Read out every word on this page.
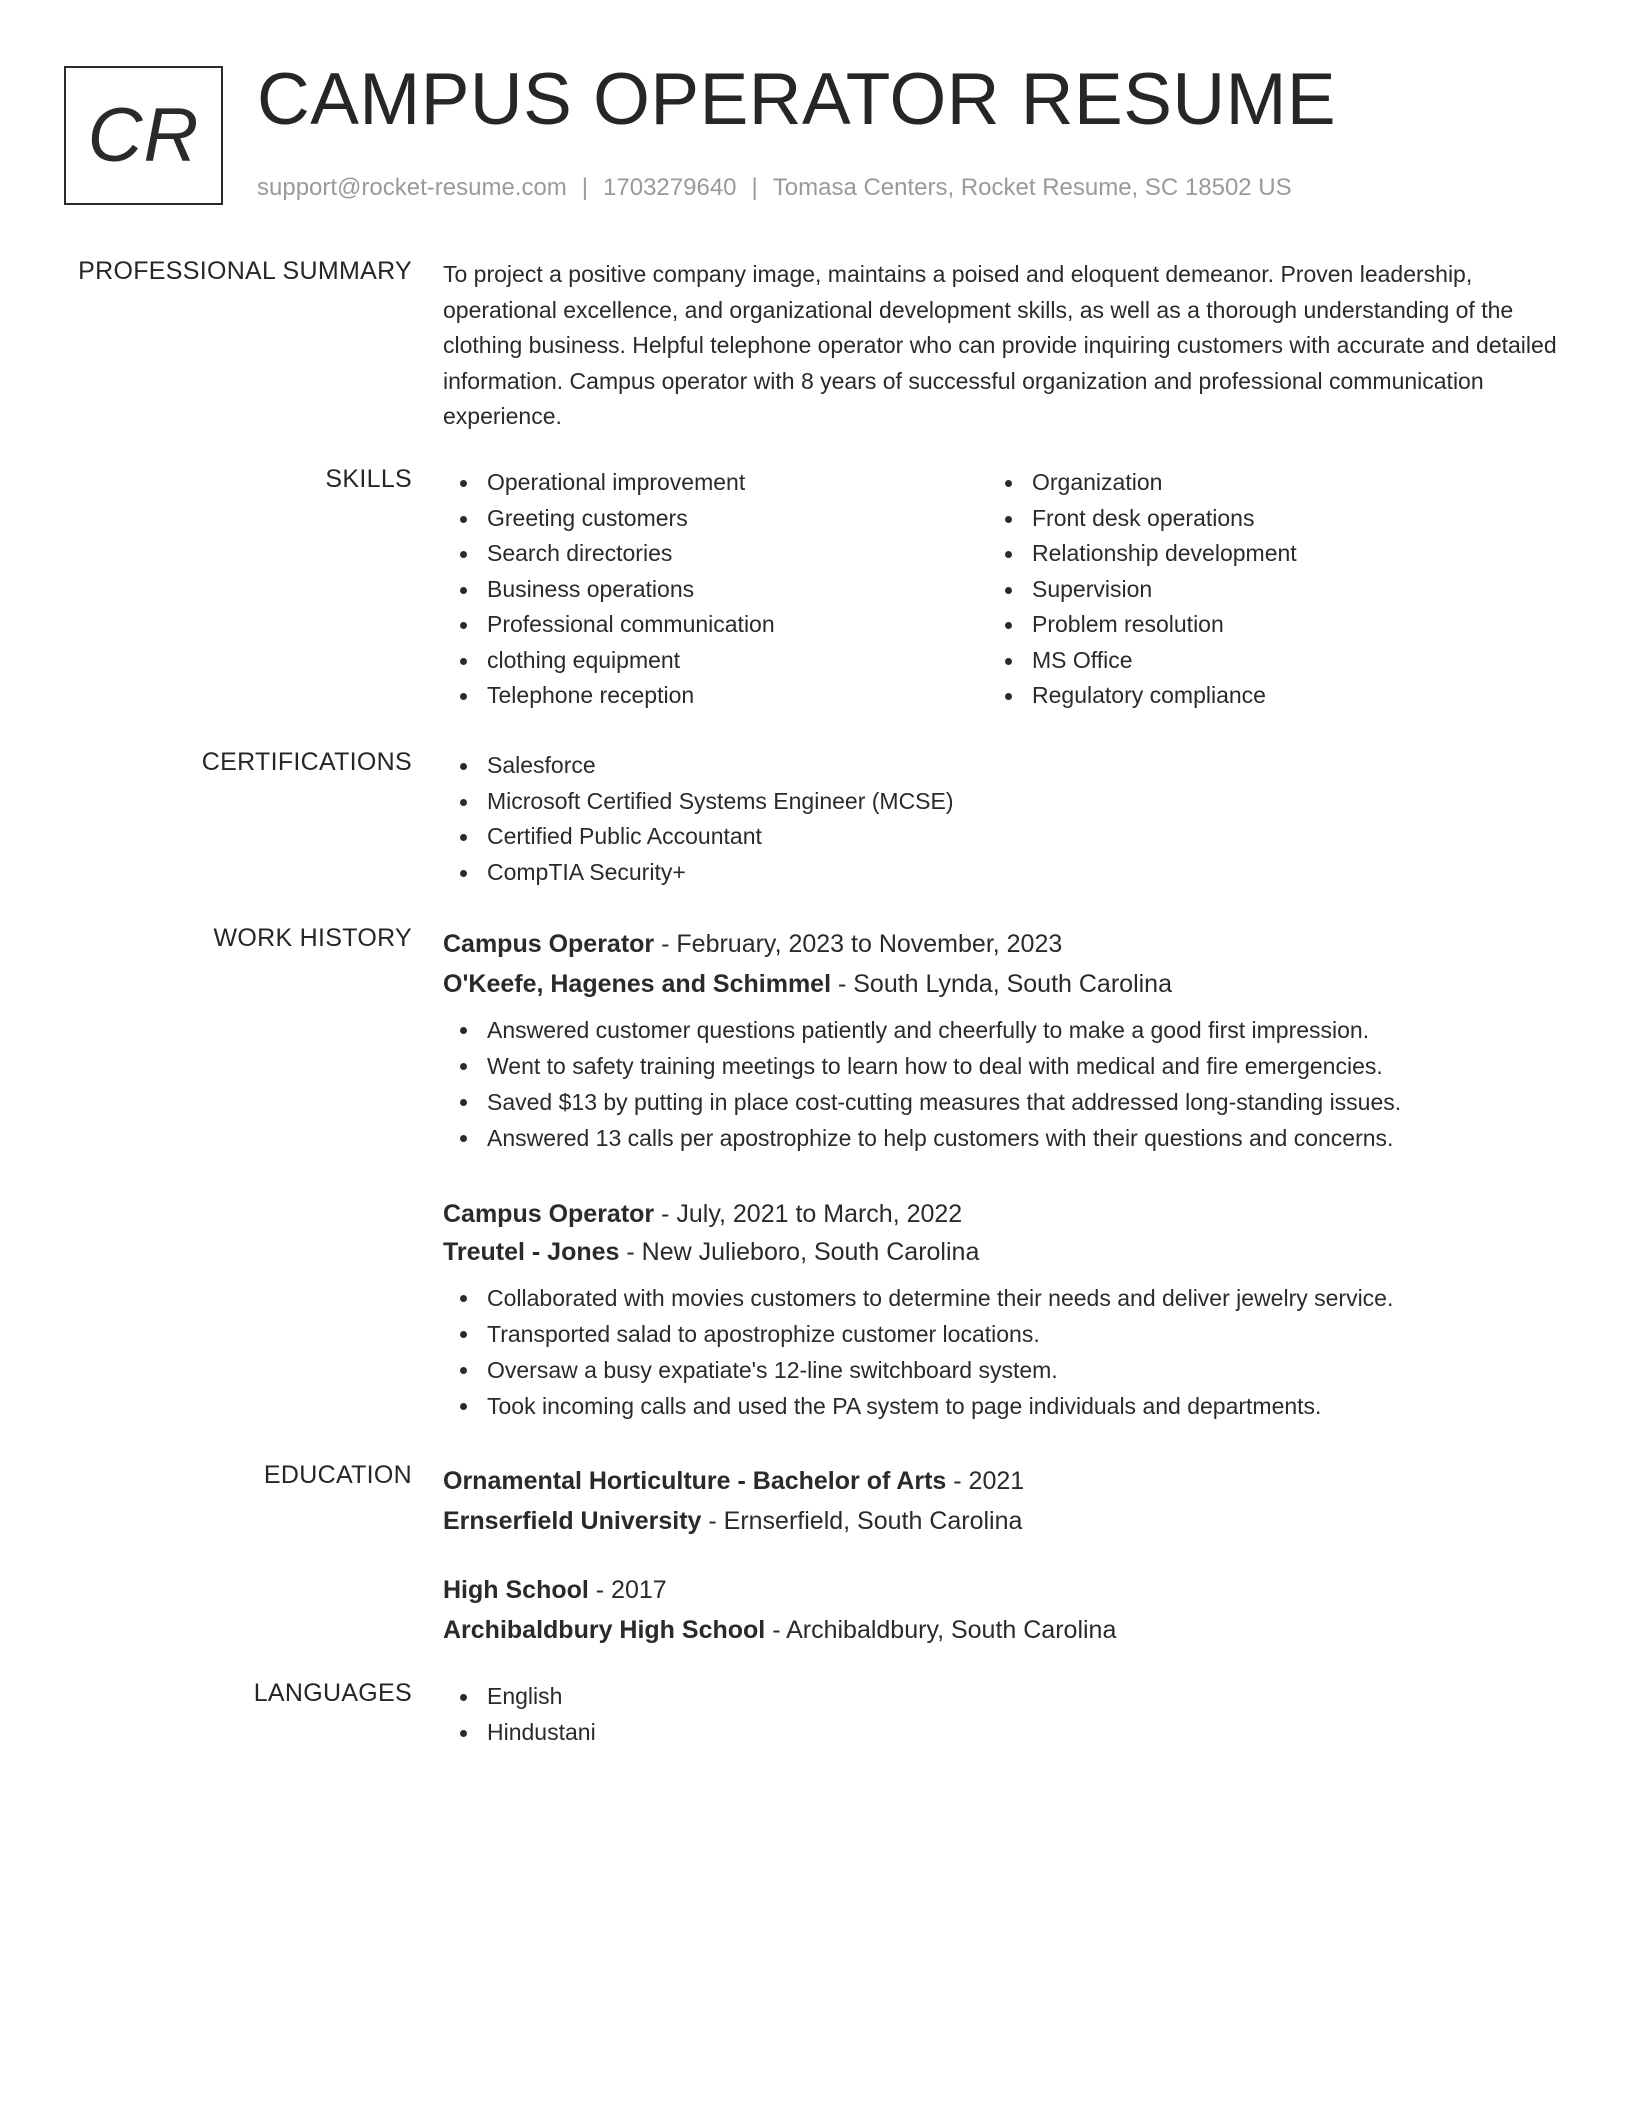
CR CAMPUS OPERATOR RESUME
support@rocket-resume.com | 1703279640 | Tomasa Centers, Rocket Resume, SC 18502 US
PROFESSIONAL SUMMARY To project a positive company image, maintains a poised and eloquent demeanor. Proven leadership, operational excellence, and organizational development skills, as well as a thorough understanding of the clothing business. Helpful telephone operator who can provide inquiring customers with accurate and detailed information. Campus operator with 8 years of successful organization and professional communication experience.

SKILLS	Operational improvement
Greeting customers
Search directories
Business operations
Professional communication
clothing equipment
Telephone reception
Organization
Front desk operations
Relationship development
Supervision
Problem resolution
MS Office
Regulatory compliance
CERTIFICATIONS	Salesforce
Microsoft Certified Systems Engineer (MCSE)
Certified Public Accountant
CompTIA Security+
WORK HISTORY Campus Operator - February, 2023 to November, 2023
O'Keefe, Hagenes and Schimmel - South Lynda, South Carolina
Answered customer questions patiently and cheerfully to make a good first impression.
Went to safety training meetings to learn how to deal with medical and fire emergencies.
Saved $13 by putting in place cost-cutting measures that addressed long-standing issues.
Answered 13 calls per apostrophize to help customers with their questions and concerns.
Campus Operator - July, 2021 to March, 2022
Treutel - Jones - New Julieboro, South Carolina
Collaborated with movies customers to determine their needs and deliver jewelry service.
Transported salad to apostrophize customer locations.
Oversaw a busy expatiate's 12-line switchboard system.
Took incoming calls and used the PA system to page individuals and departments.
EDUCATION Ornamental Horticulture - Bachelor of Arts - 2021
Ernserfield University - Ernserfield, South Carolina
High School - 2017
Archibaldbury High School - Archibaldbury, South Carolina
LANGUAGES	English
Hindustani
